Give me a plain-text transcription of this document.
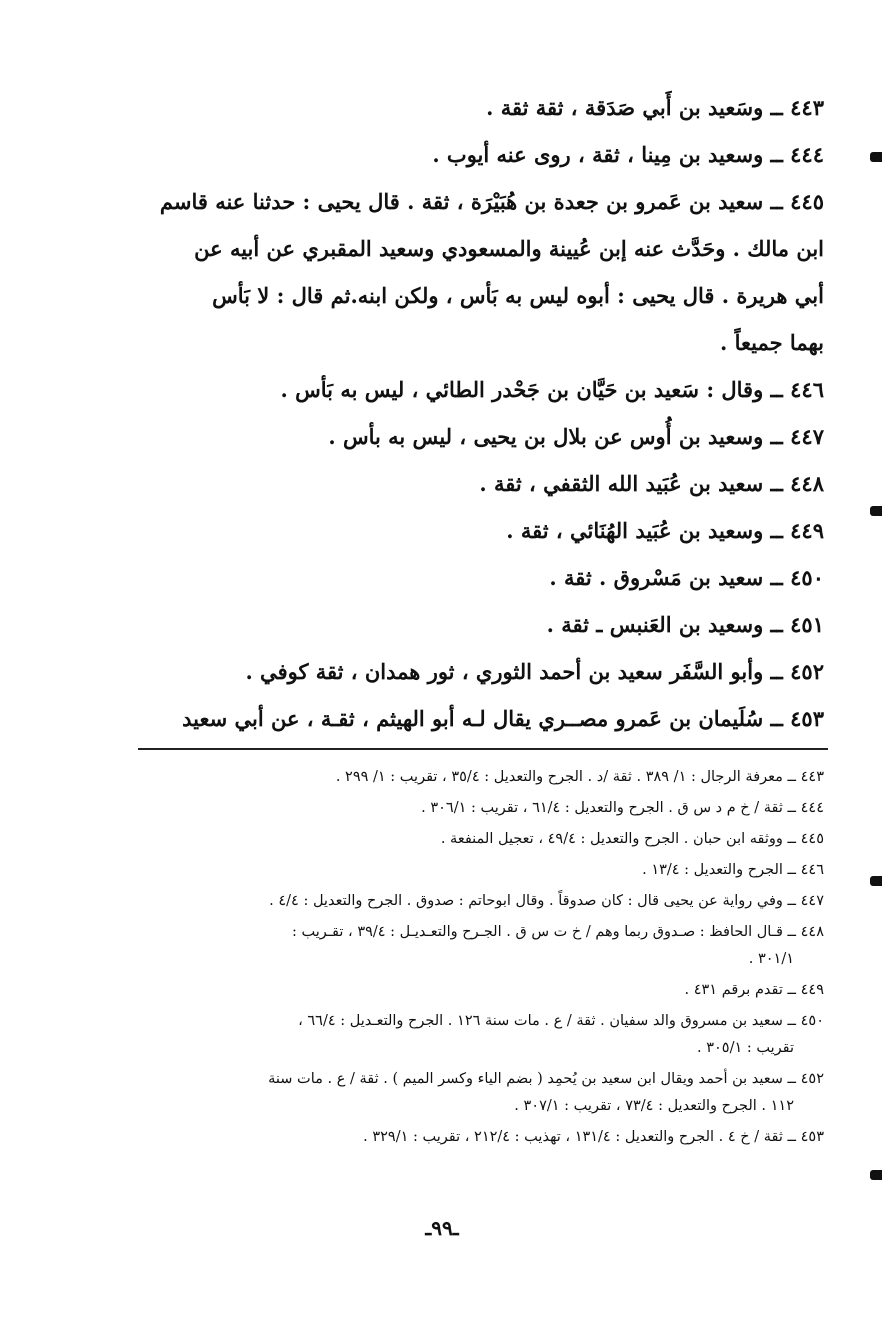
٤٤٣ ــ وسَعيد بن أَبي صَدَقة ، ثقة ثقة .

٤٤٤ ــ وسعيد بن مِينا ، ثقة ، روى عنه أيوب .

٤٤٥ ــ سعيد بن عَمرو بن جعدة بن هُبَيْرَة ، ثقة . قال يحيى : حدثنا عنه قاسم
ابن مالك . وحَدَّث عنه إبن عُيينة والمسعودي وسعيد المقبري عن أبيه عن
أبي هريرة . قال يحيى : أبوه ليس به بَأس ، ولكن ابنه.ثم قال : لا بَأس
بهما جميعاً .

٤٤٦ ــ وقال : سَعيد بن حَيَّان بن جَحْدر الطائي ، ليس به بَأس .

٤٤٧ ــ وسعيد بن أُوس عن بلال بن يحيى ، ليس به بأس .

٤٤٨ ــ سعيد بن عُبَيد الله الثقفي ، ثقة .

٤٤٩ ــ وسعيد بن عُبَيد الهُنَائي ، ثقة .

٤٥٠ ــ سعيد بن مَسْروق . ثقة .

٤٥١ ــ وسعيد بن العَنبس ـ ثقة .

٤٥٢ ــ وأبو السَّفَر سعيد بن أحمد الثوري ، ثور همدان ، ثقة كوفي .

٤٥٣ ــ سُلَيمان بن عَمرو مصــري يقال لـه أبو الهيثم ، ثقـة ، عن أبي سعيد

٤٤٣ ــ معرفة الرجال : ١/ ٣٨٩ . ثقة /د . الجرح والتعديل : ٣٥/٤ ، تقريب : ١/ ٢٩٩ .

٤٤٤ ــ ثقة / خ م د س ق . الجرح والتعديل : ٦١/٤ ، تقريب : ٣٠٦/١ .

٤٤٥ ــ ووثقه ابن حبان . الجرح والتعديل : ٤٩/٤ ، تعجيل المنفعة .

٤٤٦ ــ الجرح والتعديل : ١٣/٤ .

٤٤٧ ــ وفي رواية عن يحيى قال : كان صدوقاً . وقال ابوحاتم : صدوق . الجرح والتعديل : ٤/٤ .

٤٤٨ ــ قـال الحافظ : صـدوق ربما وهم / خ ت س ق . الجـرح والتعـديـل : ٣٩/٤ ، تقـريب :
٣٠١/١ .

٤٤٩ ــ تقدم برقم ٤٣١ .

٤٥٠ ــ سعيد بن مسروق والد سفيان . ثقة / ع . مات سنة ١٢٦ . الجرح والتعـديل : ٦٦/٤ ،
تقريب : ٣٠٥/١ .
٤٥٢ ــ سعيد بن أحمد ويقال ابن سعيد بن يُحمِد ( بضم الياء وكسر الميم ) . ثقة / ع . مات سنة
١١٢ . الجرح والتعديل : ٧٣/٤ ، تقريب : ٣٠٧/١ .

٤٥٣ ــ ثقة / خ ٤ . الجرح والتعديل : ١٣١/٤ ، تهذيب : ٢١٢/٤ ، تقريب : ٣٢٩/١ .

ـ٩٩ـ
